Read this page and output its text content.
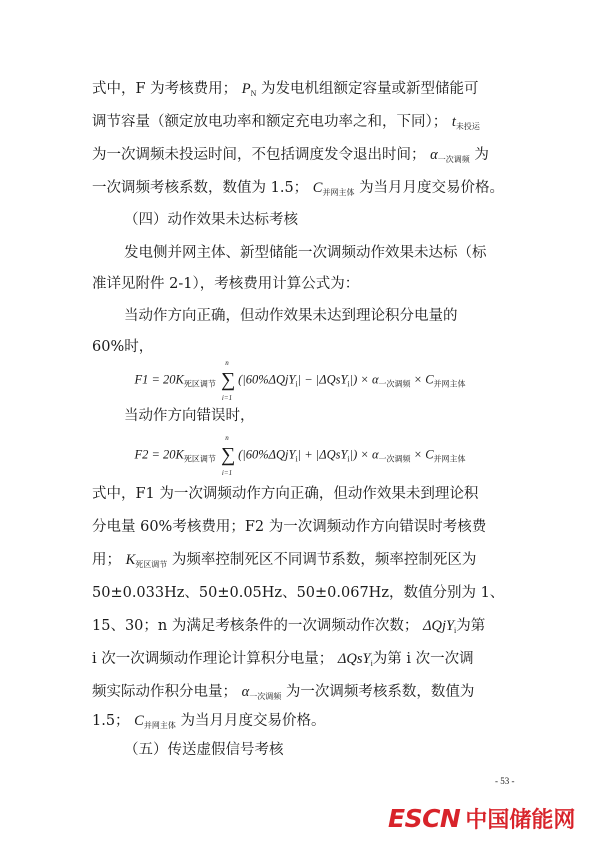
式中，F 为考核费用； $P_N$ 为发电机组额定容量或新型储能可
调节容量（额定放电功率和额定充电功率之和，下同）； $t_{未投运}$
为一次调频未投运时间，不包括调度发令退出时间； $\alpha_{一次调频}$ 为
一次调频考核系数，数值为 1.5； $C_{并网主体}$ 为当月月度交易价格。
（四）动作效果未达标考核
发电侧并网主体、新型储能一次调频动作效果未达标（标
准详见附件 2-1），考核费用计算公式为：
当动作方向正确，但动作效果未达到理论积分电量的
60%时，
$F1 = 20K_{死区调节}$ ∑
n
i=1
$(|60\%\Delta QjY_i| - |\Delta QsY_i|) \times \alpha_{一次调频} \times C_{并网主体}$
当动作方向错误时，
$F2 = 20K_{死区调节}$ ∑
n
i=1
$(|60\%\Delta QjY_i| + |\Delta QsY_i|) \times \alpha_{一次调频} \times C_{并网主体}$
式中，F1 为一次调频动作方向正确，但动作效果未到理论积
分电量 60%考核费用；F2 为一次调频动作方向错误时考核费
用； $K_{死区调节}$ 为频率控制死区不同调节系数，频率控制死区为
50±0.033Hz、50±0.05Hz、50±0.067Hz，数值分别为 1、
15、30；n 为满足考核条件的一次调频动作次数； ΔQjY$_i$为第
i 次一次调频动作理论计算积分电量； ΔQsY$_i$为第 i 次一次调
频实际动作积分电量； $\alpha_{一次调频}$ 为一次调频考核系数，数值为
1.5； $C_{并网主体}$ 为当月月度交易价格。
（五）传送虚假信号考核
- 53 -
ESCN 中国储能网
